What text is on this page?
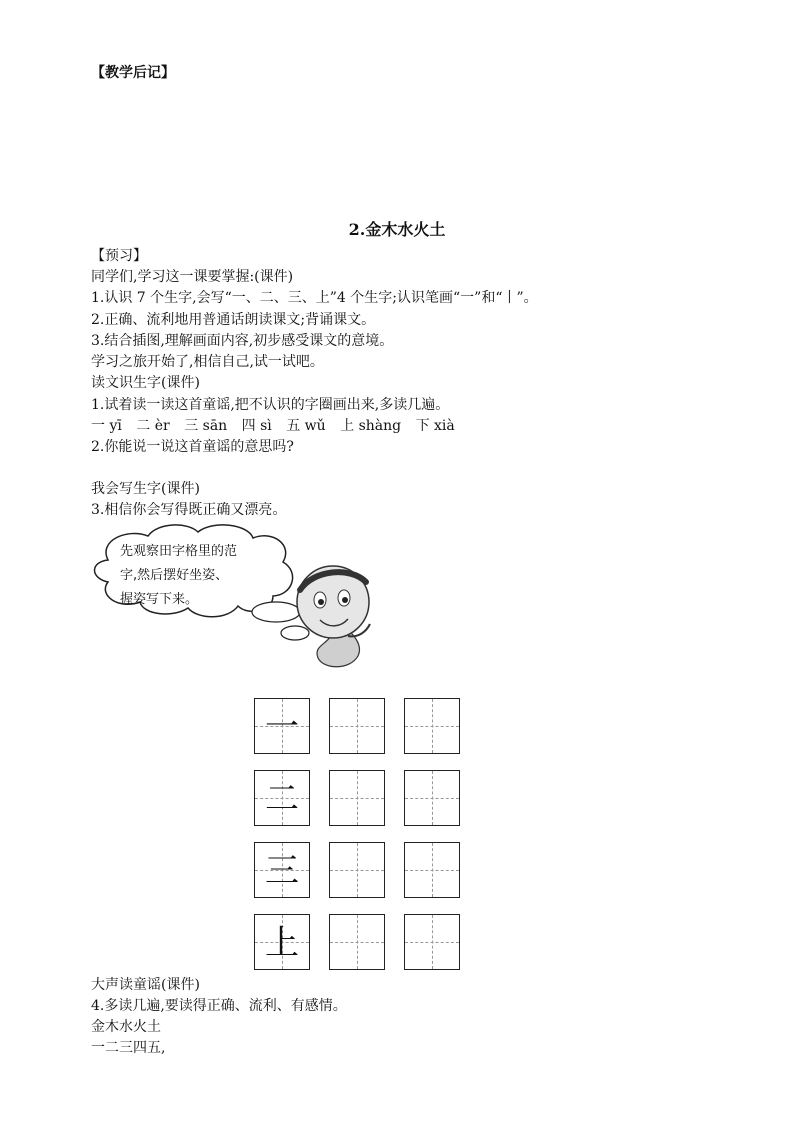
【教学后记】
2.金木水火土
【预习】
同学们,学习这一课要掌握:(课件)
1.认识 7 个生字,会写“一、二、三、上”4 个生字;认识笔画“一”和“丨”。
2.正确、流利地用普通话朗读课文;背诵课文。
3.结合插图,理解画面内容,初步感受课文的意境。
学习之旅开始了,相信自己,试一试吧。
读文识生字(课件)
1.试着读一读这首童谣,把不认识的字圈画出来,多读几遍。
一 yī 二 èr 三 sān 四 sì 五 wǔ 上 shàng 下 xià
2.你能说一说这首童谣的意思吗?
我会写生字(课件)
3.相信你会写得既正确又漂亮。
先观察田字格里的范
字,然后摆好坐姿、
握姿写下来。
一
二
三
上
大声读童谣(课件)
4.多读几遍,要读得正确、流利、有感情。
金木水火土
一二三四五,
